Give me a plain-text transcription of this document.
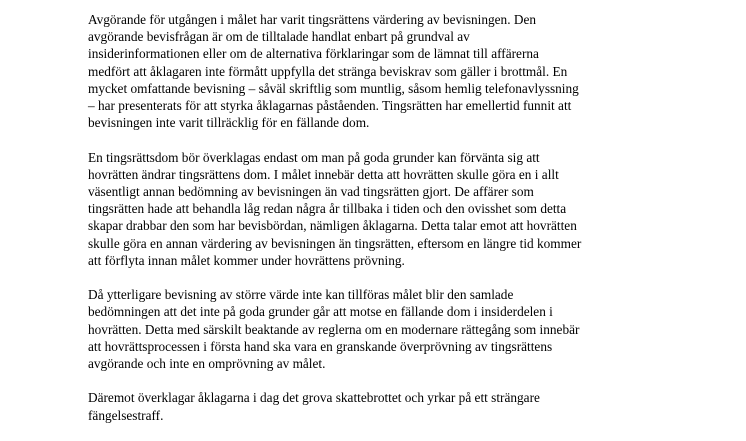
Avgörande för utgången i målet har varit tingsrättens värdering av bevisningen. Den
avgörande bevisfrågan är om de tilltalade handlat enbart på grundval av
insiderinformationen eller om de alternativa förklaringar som de lämnat till affärerna
medfört att åklagaren inte förmått uppfylla det stränga beviskrav som gäller i brottmål. En
mycket omfattande bevisning – såväl skriftlig som muntlig, såsom hemlig telefonavlyssning
– har presenterats för att styrka åklagarnas påståenden. Tingsrätten har emellertid funnit att
bevisningen inte varit tillräcklig för en fällande dom.

En tingsrättsdom bör överklagas endast om man på goda grunder kan förvänta sig att
hovrätten ändrar tingsrättens dom. I målet innebär detta att hovrätten skulle göra en i allt
väsentligt annan bedömning av bevisningen än vad tingsrätten gjort. De affärer som
tingsrätten hade att behandla låg redan några år tillbaka i tiden och den ovisshet som detta
skapar drabbar den som har bevisbördan, nämligen åklagarna. Detta talar emot att hovrätten
skulle göra en annan värdering av bevisningen än tingsrätten, eftersom en längre tid kommer
att förflyta innan målet kommer under hovrättens prövning.

Då ytterligare bevisning av större värde inte kan tillföras målet blir den samlade
bedömningen att det inte på goda grunder går att motse en fällande dom i insiderdelen i
hovrätten. Detta med särskilt beaktande av reglerna om en modernare rättegång som innebär
att hovrättsprocessen i första hand ska vara en granskande överprövning av tingsrättens
avgörande och inte en omprövning av målet.

Däremot överklagar åklagarna i dag det grova skattebrottet och yrkar på ett strängare
fängelsestraff.
